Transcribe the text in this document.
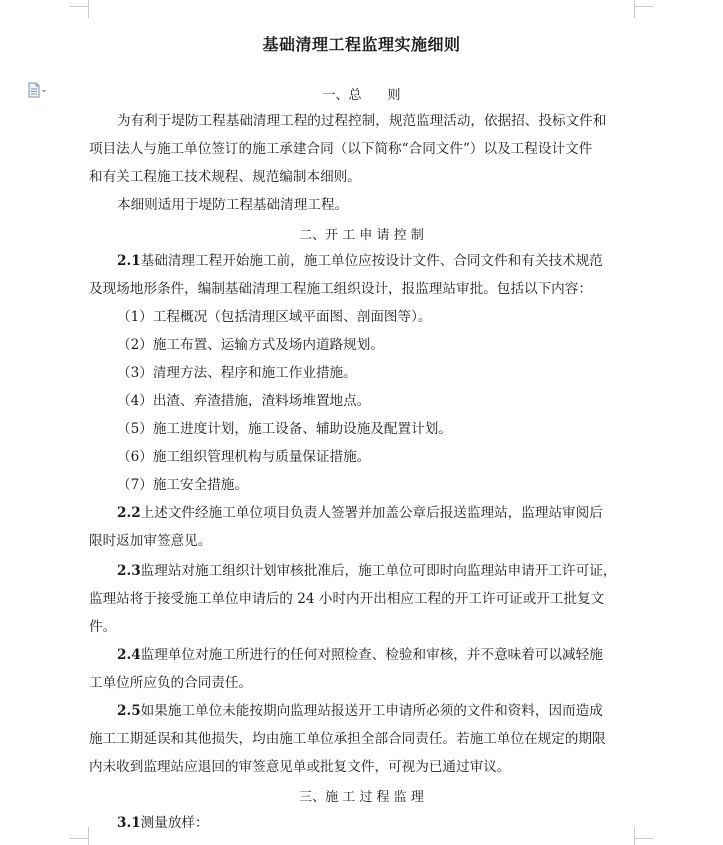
基础清理工程监理实施细则
一、总　　则
为有利于堤防工程基础清理工程的过程控制，规范监理活动，依据招、投标文件和
项目法人与施工单位签订的施工承建合同（以下简称“合同文件”）以及工程设计文件
和有关工程施工技术规程、规范编制本细则。
本细则适用于堤防工程基础清理工程。
二、开 工 申 请 控 制
2.1基础清理工程开始施工前，施工单位应按设计文件、合同文件和有关技术规范
及现场地形条件，编制基础清理工程施工组织设计，报监理站审批。包括以下内容：
（1）工程概况（包括清理区域平面图、剖面图等）。
（2）施工布置、运输方式及场内道路规划。
（3）清理方法、程序和施工作业措施。
（4）出渣、弃渣措施，渣料场堆置地点。
（5）施工进度计划，施工设备、辅助设施及配置计划。
（6）施工组织管理机构与质量保证措施。
（7）施工安全措施。
2.2上述文件经施工单位项目负责人签署并加盖公章后报送监理站，监理站审阅后
限时返加审签意见。
2.3监理站对施工组织计划审核批准后，施工单位可即时向监理站申请开工许可证，
监理站将于接受施工单位申请后的 24 小时内开出相应工程的开工许可证或开工批复文
件。
2.4监理单位对施工所进行的任何对照检查、检验和审核，并不意味着可以减轻施
工单位所应负的合同责任。
2.5如果施工单位未能按期向监理站报送开工申请所必须的文件和资料，因而造成
施工工期延误和其他损失，均由施工单位承担全部合同责任。若施工单位在规定的期限
内未收到监理站应退回的审签意见单或批复文件，可视为已通过审议。
三、施 工 过 程 监 理
3.1测量放样：
